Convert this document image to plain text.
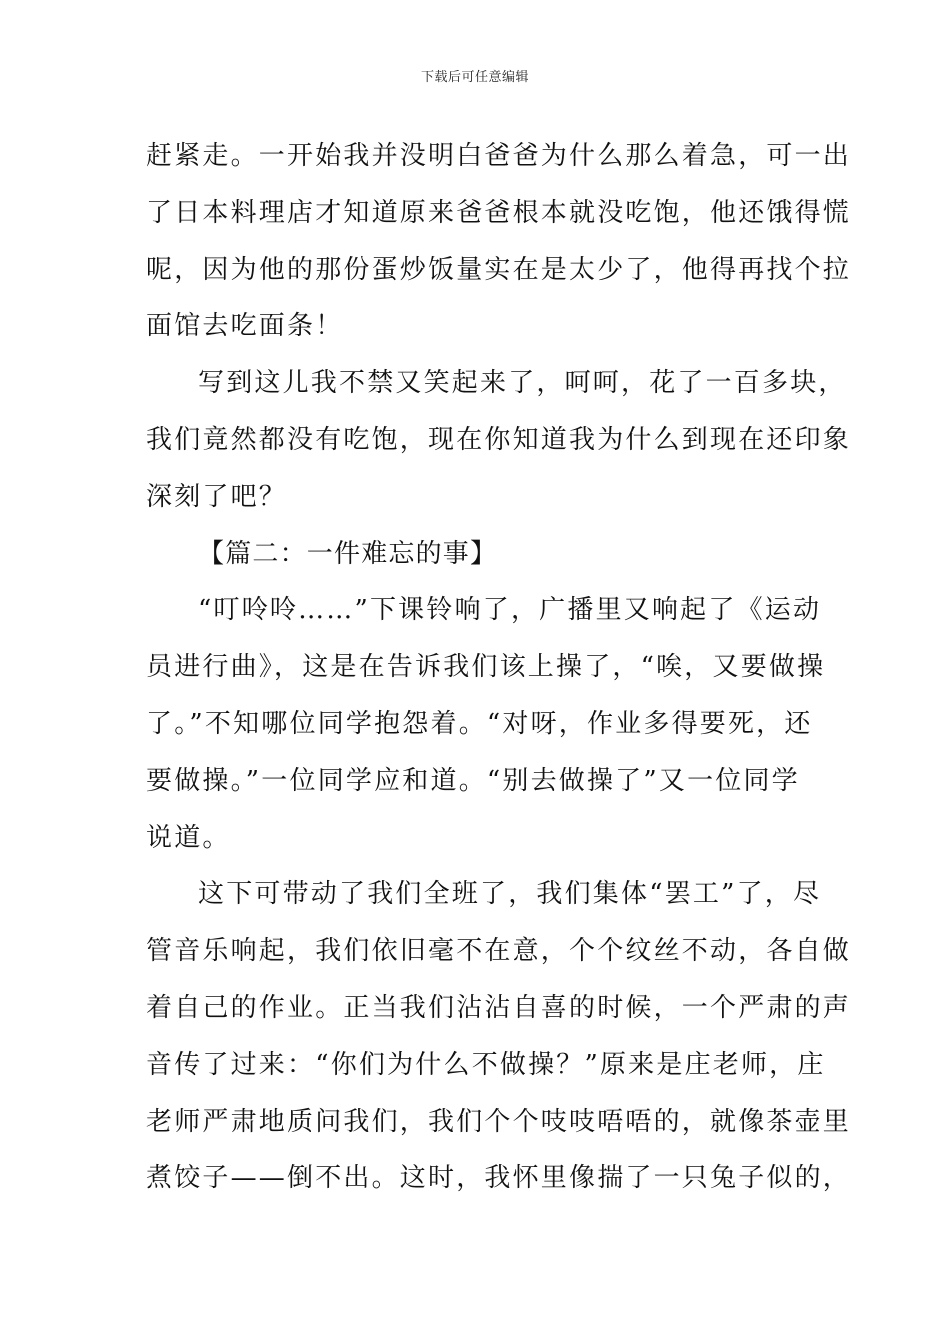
下载后可任意编辑
赶紧走。一开始我并没明白爸爸为什么那么着急，可一出
了日本料理店才知道原来爸爸根本就没吃饱，他还饿得慌
呢，因为他的那份蛋炒饭量实在是太少了，他得再找个拉
面馆去吃面条！
写到这儿我不禁又笑起来了，呵呵，花了一百多块，
我们竟然都没有吃饱，现在你知道我为什么到现在还印象
深刻了吧？
【篇二：一件难忘的事】
“叮呤呤……”下课铃响了，广播里又响起了《运动
员进行曲》，这是在告诉我们该上操了，“唉，又要做操
了。”不知哪位同学抱怨着。“对呀，作业多得要死，还
要做操。”一位同学应和道。“别去做操了”又一位同学
说道。
这下可带动了我们全班了，我们集体“罢工”了，尽
管音乐响起，我们依旧毫不在意，个个纹丝不动，各自做
着自己的作业。正当我们沾沾自喜的时候，一个严肃的声
音传了过来：“你们为什么不做操？”原来是庄老师，庄
老师严肃地质问我们，我们个个吱吱唔唔的，就像茶壶里
煮饺子——倒不出。这时，我怀里像揣了一只兔子似的，
